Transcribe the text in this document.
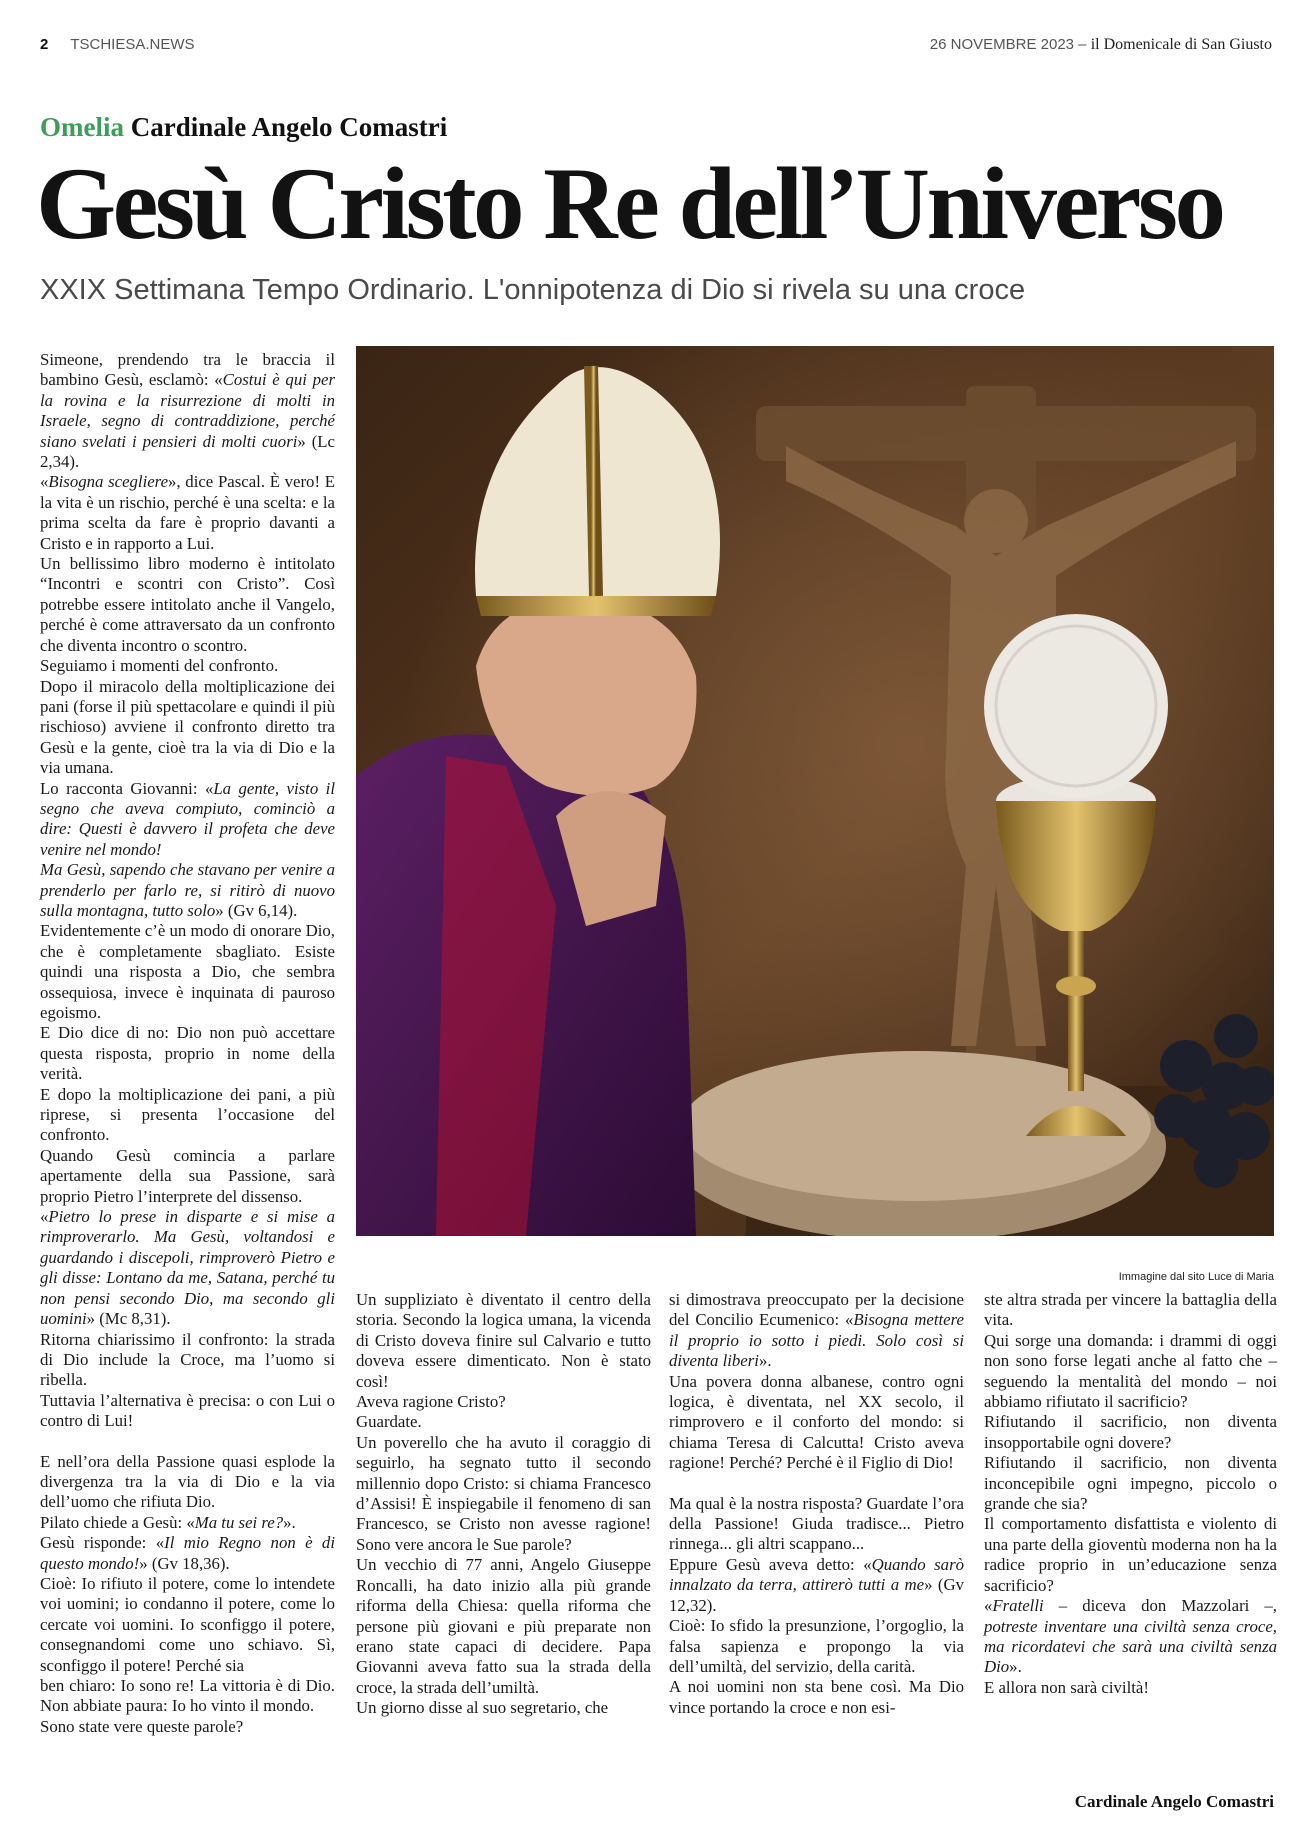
2 TSCHIESA.NEWS	26 NOVEMBRE 2023 – il Domenicale di San Giusto
Omelia Cardinale Angelo Comastri
Gesù Cristo Re dell’Universo
XXIX Settimana Tempo Ordinario. L'onnipotenza di Dio si rivela su una croce
Immagine dal sito Luce di Maria

Simeone, prendendo tra le braccia il bambino Gesù, esclamò: «Costui è qui per la rovina e la risurrezione di molti in Israele, segno di contraddizione, perché siano svelati i pensieri di molti cuori» (Lc 2,34).

«Bisogna scegliere», dice Pascal. È vero! E la vita è un rischio, perché è una scelta: e la prima scelta da fare è proprio davanti a Cristo e in rapporto a Lui.

Un bellissimo libro moderno è intitolato “Incontri e scontri con Cristo”. Così potrebbe essere intitolato anche il Vangelo, perché è come attraversato da un confronto che diventa incontro o scontro.

Seguiamo i momenti del confronto.

Dopo il miracolo della moltiplicazione dei pani (forse il più spettacolare e quindi il più rischioso) avviene il confronto diretto tra Gesù e la gente, cioè tra la via di Dio e la via umana.

Lo racconta Giovanni: «La gente, visto il segno che aveva compiuto, cominciò a dire: Questi è davvero il profeta che deve venire nel mondo!

Ma Gesù, sapendo che stavano per venire a prenderlo per farlo re, si ritirò di nuovo sulla montagna, tutto solo» (Gv 6,14).

Evidentemente c’è un modo di onorare Dio, che è completamente sbagliato. Esiste quindi una risposta a Dio, che sembra ossequiosa, invece è inquinata di pauroso egoismo.

E Dio dice di no: Dio non può accettare questa risposta, proprio in nome della verità.

E dopo la moltiplicazione dei pani, a più riprese, si presenta l’occasione del confronto.

Quando Gesù comincia a parlare apertamente della sua Passione, sarà proprio Pietro l’interprete del dissenso.

«Pietro lo prese in disparte e si mise a rimproverarlo. Ma Gesù, voltandosi e guardando i discepoli, rimproverò Pietro e gli disse: Lontano da me, Satana, perché tu non pensi secondo Dio, ma secondo gli uomini» (Mc 8,31).

Ritorna chiarissimo il confronto: la strada di Dio include la Croce, ma l’uomo si ribella.

Tuttavia l’alternativa è precisa: o con Lui o contro di Lui!

E nell’ora della Passione quasi esplode la divergenza tra la via di Dio e la via dell’uomo che rifiuta Dio.

Pilato chiede a Gesù: «Ma tu sei re?».

Gesù risponde: «Il mio Regno non è di questo mondo!» (Gv 18,36).

Cioè: Io rifiuto il potere, come lo intendete voi uomini; io condanno il potere, come lo cercate voi uomini. Io sconfiggo il potere, consegnandomi come uno schiavo. Sì, sconfiggo il potere! Perché sia

ben chiaro: Io sono re! La vittoria è di Dio. Non abbiate paura: Io ho vinto il mondo.

Sono state vere queste parole?

Un suppliziato è diventato il centro della storia. Secondo la logica umana, la vicenda di Cristo doveva finire sul Calvario e tutto doveva essere dimenticato. Non è stato così!

Aveva ragione Cristo?

Guardate.

Un poverello che ha avuto il coraggio di seguirlo, ha segnato tutto il secondo millennio dopo Cristo: si chiama Francesco d’Assisi! È inspiegabile il fenomeno di san Francesco, se Cristo non avesse ragione! Sono vere ancora le Sue parole?

Un vecchio di 77 anni, Angelo Giuseppe Roncalli, ha dato inizio alla più grande riforma della Chiesa: quella riforma che persone più giovani e più preparate non erano state capaci di decidere. Papa Giovanni aveva fatto sua la strada della croce, la strada dell’umiltà.

Un giorno disse al suo segretario, che

si dimostrava preoccupato per la decisione del Concilio Ecumenico: «Bisogna mettere il proprio io sotto i piedi. Solo così si diventa liberi».

Una povera donna albanese, contro ogni logica, è diventata, nel XX secolo, il rimprovero e il conforto del mondo: si chiama Teresa di Calcutta! Cristo aveva ragione! Perché? Perché è il Figlio di Dio!

Ma qual è la nostra risposta? Guardate l’ora della Passione! Giuda tradisce... Pietro rinnega... gli altri scappano...

Eppure Gesù aveva detto: «Quando sarò innalzato da terra, attirerò tutti a me» (Gv 12,32).

Cioè: Io sfido la presunzione, l’orgoglio, la falsa sapienza e propongo la via dell’umiltà, del servizio, della carità.

A noi uomini non sta bene così. Ma Dio vince portando la croce e non esi-

ste altra strada per vincere la battaglia della vita.

Qui sorge una domanda: i drammi di oggi non sono forse legati anche al fatto che – seguendo la mentalità del mondo – noi abbiamo rifiutato il sacrificio?

Rifiutando il sacrificio, non diventa insopportabile ogni dovere?

Rifiutando il sacrificio, non diventa inconcepibile ogni impegno, piccolo o grande che sia?

Il comportamento disfattista e violento di una parte della gioventù moderna non ha la radice proprio in un’educazione senza sacrificio?

«Fratelli – diceva don Mazzolari –, potreste inventare una civiltà senza croce, ma ricordatevi che sarà una civiltà senza Dio».

E allora non sarà civiltà!

Cardinale Angelo Comastri
